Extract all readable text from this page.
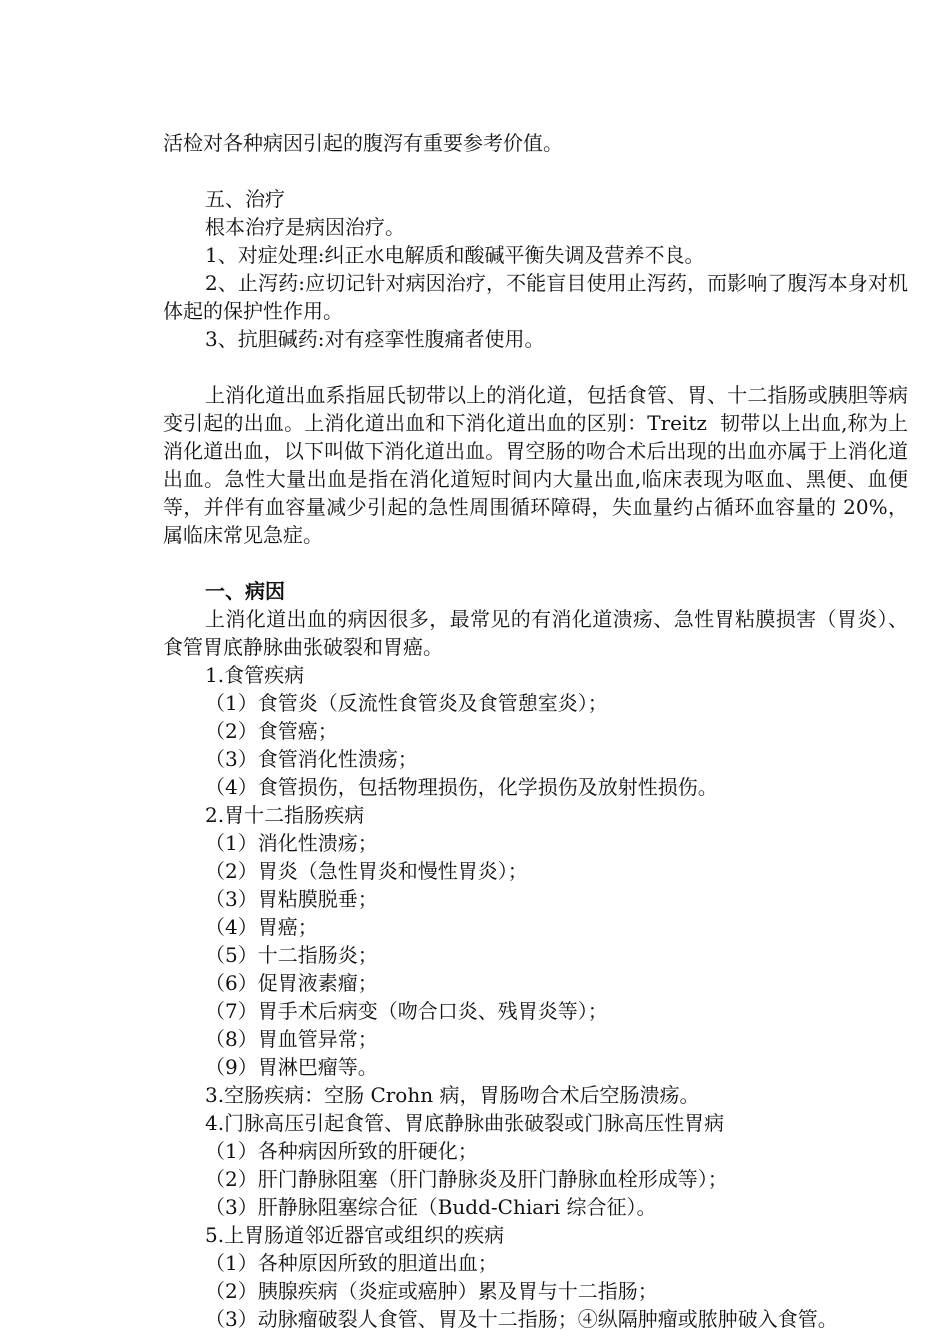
活检对各种病因引起的腹泻有重要参考价值。

五、治疗

根本治疗是病因治疗。

1、对症处理:纠正水电解质和酸碱平衡失调及营养不良。

2、止泻药:应切记针对病因治疗，不能盲目使用止泻药，而影响了腹泻本身对机体起的保护性作用。

3、抗胆碱药:对有痉挛性腹痛者使用。

上消化道出血系指屈氏韧带以上的消化道，包括食管、胃、十二指肠或胰胆等病变引起的出血。上消化道出血和下消化道出血的区别：Treitz  韧带以上出血,称为上消化道出血，以下叫做下消化道出血。胃空肠的吻合术后出现的出血亦属于上消化道出血。急性大量出血是指在消化道短时间内大量出血,临床表现为呕血、黑便、血便等，并伴有血容量减少引起的急性周围循环障碍，失血量约占循环血容量的 20%，属临床常见急症。

一、病因

上消化道出血的病因很多，最常见的有消化道溃疡、急性胃粘膜损害（胃炎）、食管胃底静脉曲张破裂和胃癌。

1.食管疾病

（1）食管炎（反流性食管炎及食管憩室炎）；

（2）食管癌；

（3）食管消化性溃疡；

（4）食管损伤，包括物理损伤，化学损伤及放射性损伤。

2.胃十二指肠疾病

（1）消化性溃疡；

（2）胃炎（急性胃炎和慢性胃炎）；

（3）胃粘膜脱垂；

（4）胃癌；

（5）十二指肠炎；

（6）促胃液素瘤；

（7）胃手术后病变（吻合口炎、残胃炎等）；

（8）胃血管异常；

（9）胃淋巴瘤等。

3.空肠疾病：空肠 Crohn 病，胃肠吻合术后空肠溃疡。

4.门脉高压引起食管、胃底静脉曲张破裂或门脉高压性胃病

（1）各种病因所致的肝硬化；

（2）肝门静脉阻塞（肝门静脉炎及肝门静脉血栓形成等）；

（3）肝静脉阻塞综合征（Budd-Chiari 综合征）。

5.上胃肠道邻近器官或组织的疾病

（1）各种原因所致的胆道出血；

（2）胰腺疾病（炎症或癌肿）累及胃与十二指肠；

（3）动脉瘤破裂人食管、胃及十二指肠；④纵隔肿瘤或脓肿破入食管。
